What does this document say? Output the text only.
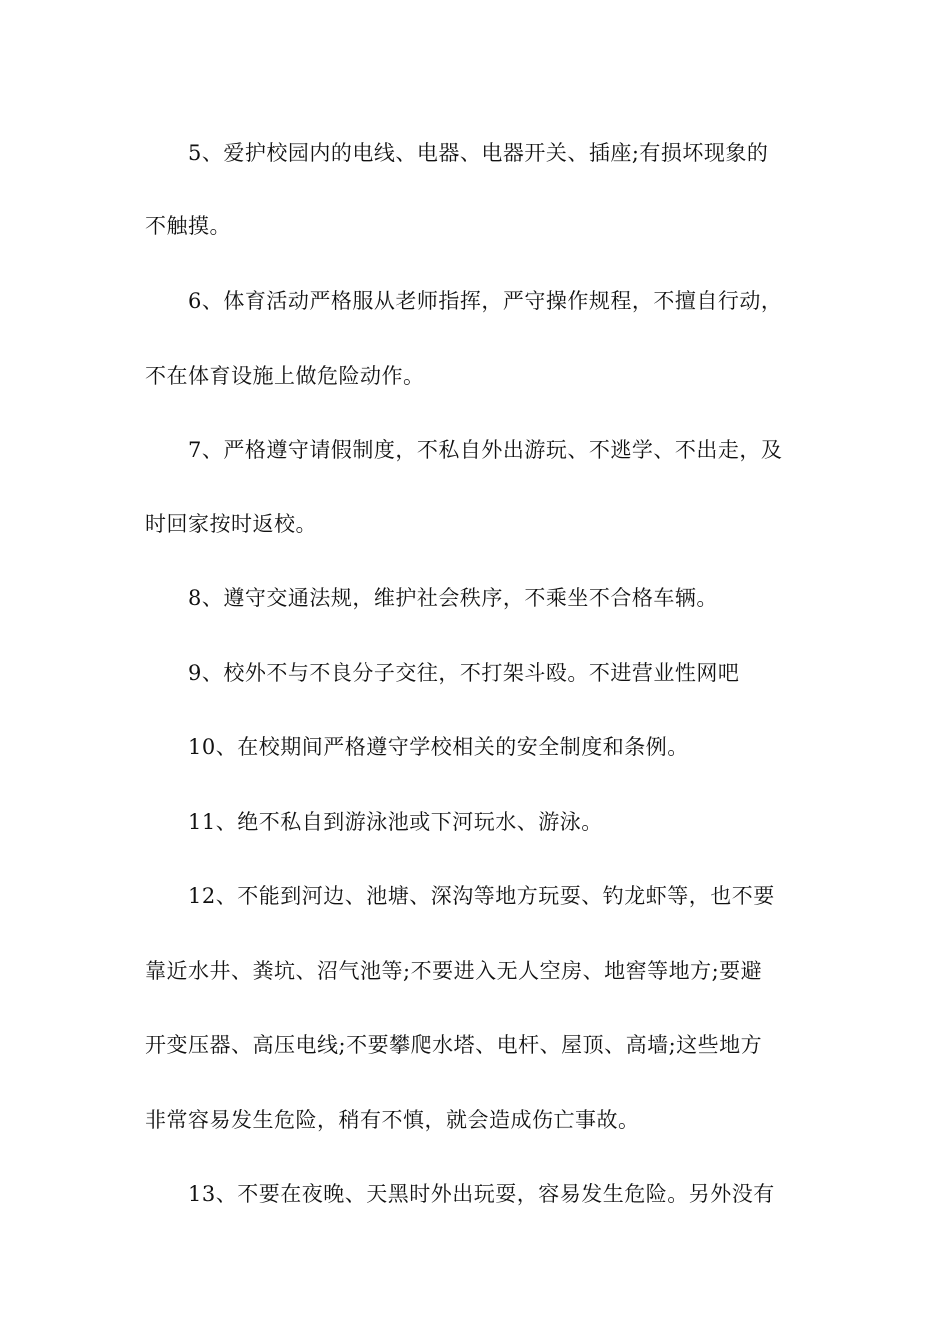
5、爱护校园内的电线、电器、电器开关、插座;有损坏现象的
不触摸。
6、体育活动严格服从老师指挥，严守操作规程，不擅自行动，
不在体育设施上做危险动作。
7、严格遵守请假制度，不私自外出游玩、不逃学、不出走，及
时回家按时返校。
8、遵守交通法规，维护社会秩序，不乘坐不合格车辆。
9、校外不与不良分子交往，不打架斗殴。不进营业性网吧
10、在校期间严格遵守学校相关的安全制度和条例。
11、绝不私自到游泳池或下河玩水、游泳。
12、不能到河边、池塘、深沟等地方玩耍、钓龙虾等，也不要
靠近水井、粪坑、沼气池等;不要进入无人空房、地窖等地方;要避
开变压器、高压电线;不要攀爬水塔、电杆、屋顶、高墙;这些地方
非常容易发生危险，稍有不慎，就会造成伤亡事故。
13、不要在夜晚、天黑时外出玩耍，容易发生危险。另外没有
